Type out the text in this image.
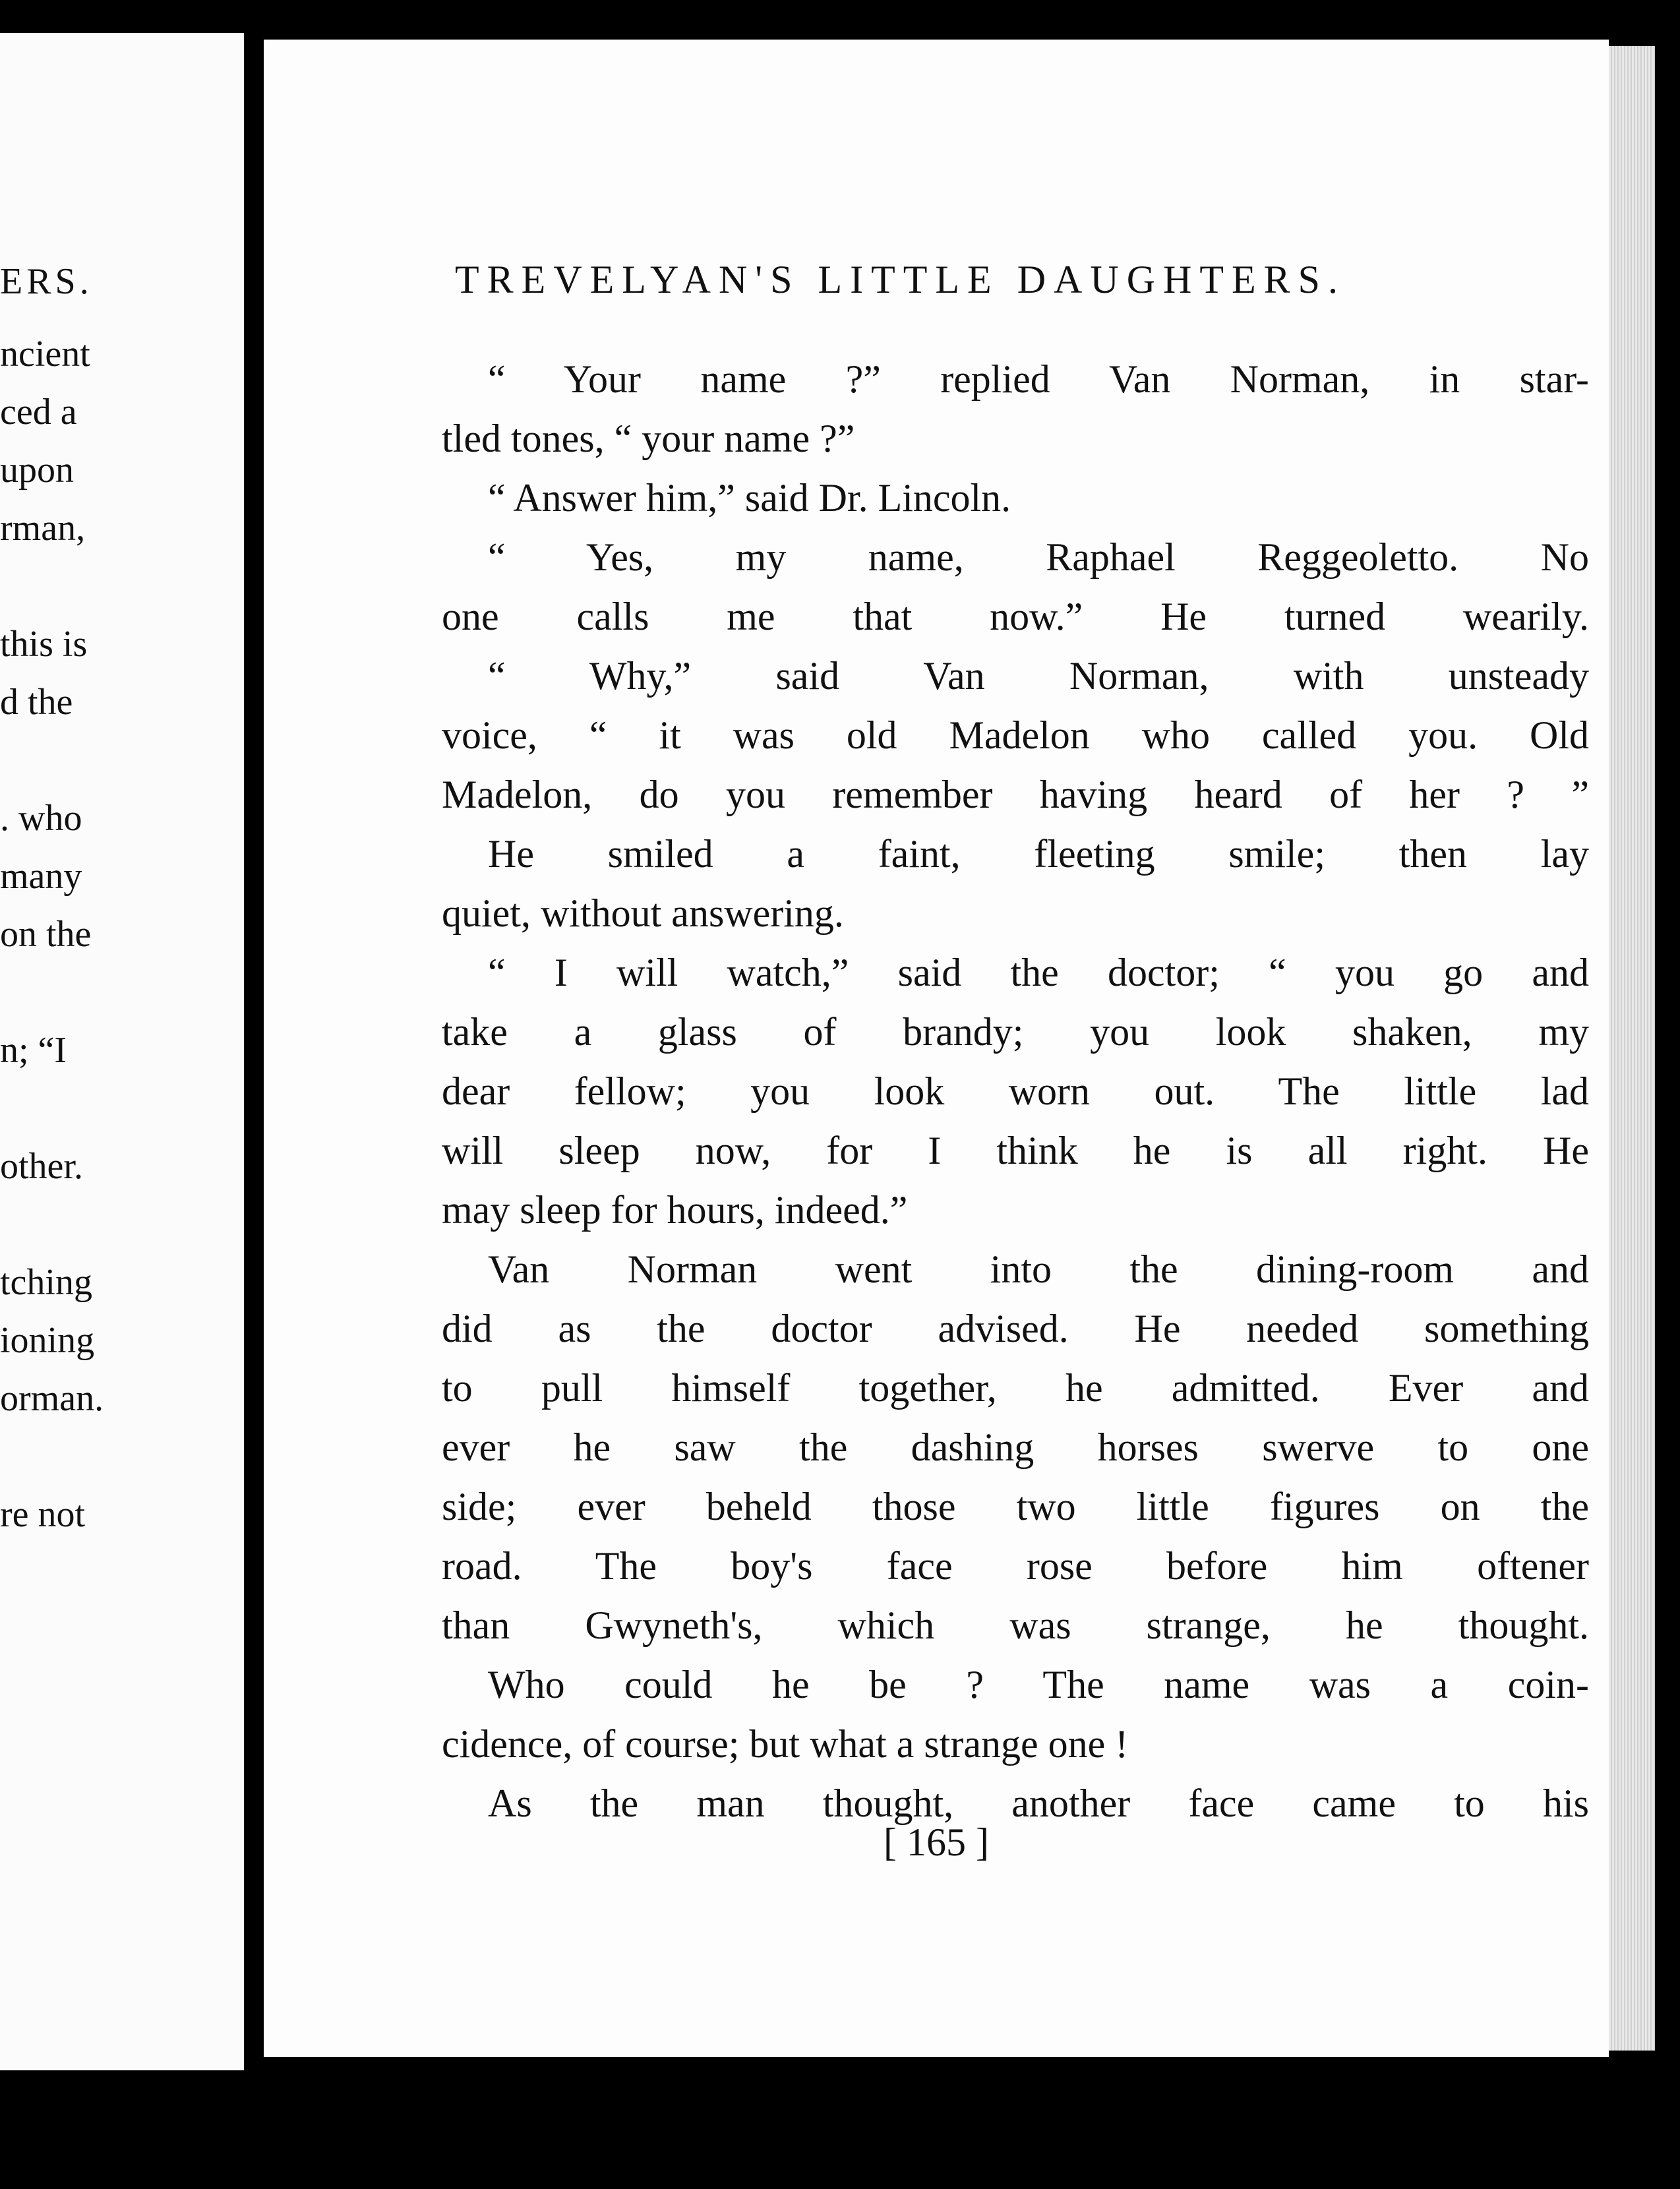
ERS.
ncient
ced a
upon
rman,
this is
d the
. who
many
on the
n; “I
other.
tching
ioning
orman.
re not
TREVELYAN'S LITTLE DAUGHTERS.
“ Your name ?” replied Van Norman, in star-
tled tones, “ your name ?”
“ Answer him,” said Dr. Lincoln.
“ Yes, my name, Raphael Reggeoletto. No
one calls me that now.” He turned wearily.
“ Why,” said Van Norman, with unsteady
voice, “ it was old Madelon who called you. Old
Madelon, do you remember having heard of her ? ”
He smiled a faint, fleeting smile; then lay
quiet, without answering.
“ I will watch,” said the doctor; “ you go and
take a glass of brandy; you look shaken, my
dear fellow; you look worn out. The little lad
will sleep now, for I think he is all right. He
may sleep for hours, indeed.”
Van Norman went into the dining-room and
did as the doctor advised. He needed something
to pull himself together, he admitted. Ever and
ever he saw the dashing horses swerve to one
side; ever beheld those two little figures on the
road. The boy's face rose before him oftener
than Gwyneth's, which was strange, he thought.
Who could he be ? The name was a coin-
cidence, of course; but what a strange one !
As the man thought, another face came to his
[ 165 ]
